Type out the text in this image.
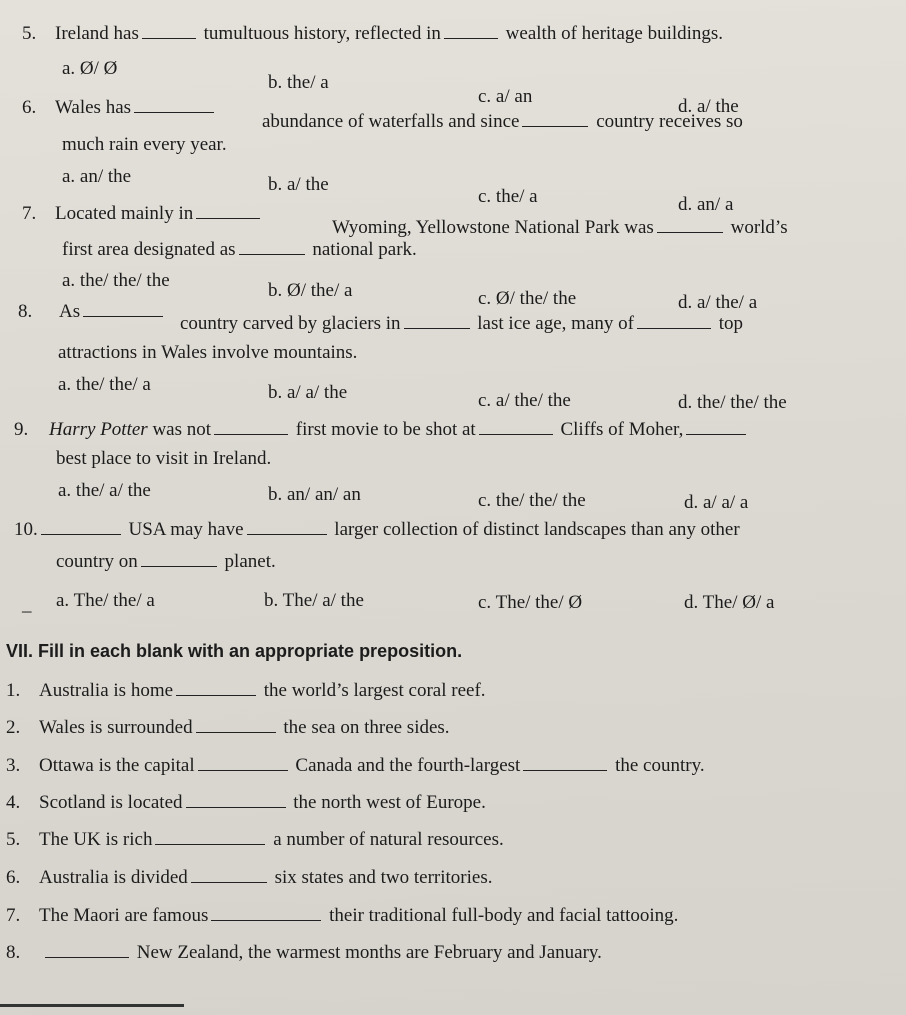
5. Ireland has	tumultuous history, reflected in	wealth of heritage buildings.
a. Ø/ Ø
b. the/ a
c. a/ an	d. a/ the
6. Wales has
abundance of waterfalls and since	country receives so
much rain every year.
a. an/ the	b. a/ the
c. the/ a	d. an/ a
7. Located mainly in
Wyoming, Yellowstone National Park was	world’s
first area designated as	national park.
a. the/ the/ the	b. Ø/ the/ a	c. Ø/ the/ the	d. a/ the/ a
8. As
country carved by glaciers in	last ice age, many of	top
attractions in Wales involve mountains.
a. the/ the/ a	b. a/ a/ the	c. a/ the/ the	d. the/ the/ the
9. Harry Potter was not	first movie to be shot at	Cliffs of Moher,
best place to visit in Ireland.
a. the/ a/ the	b. an/ an/ an	c. the/ the/ the	d. a/ a/ a
10.	USA may have	larger collection of distinct landscapes than any other
country on	planet.
_ a. The/ the/ a	b. The/ a/ the	c. The/ the/ Ø	d. The/ Ø/ a
VII. Fill in each blank with an appropriate preposition.
1. Australia is home	the world’s largest coral reef.
2. Wales is surrounded	the sea on three sides.
3. Ottawa is the capital	Canada and the fourth-largest	the country.
4. Scotland is located	the north west of Europe.
5. The UK is rich	a number of natural resources.
6. Australia is divided	six states and two territories.
7. The Maori are famous	their traditional full-body and facial tattooing.
8.	New Zealand, the warmest months are February and January.
